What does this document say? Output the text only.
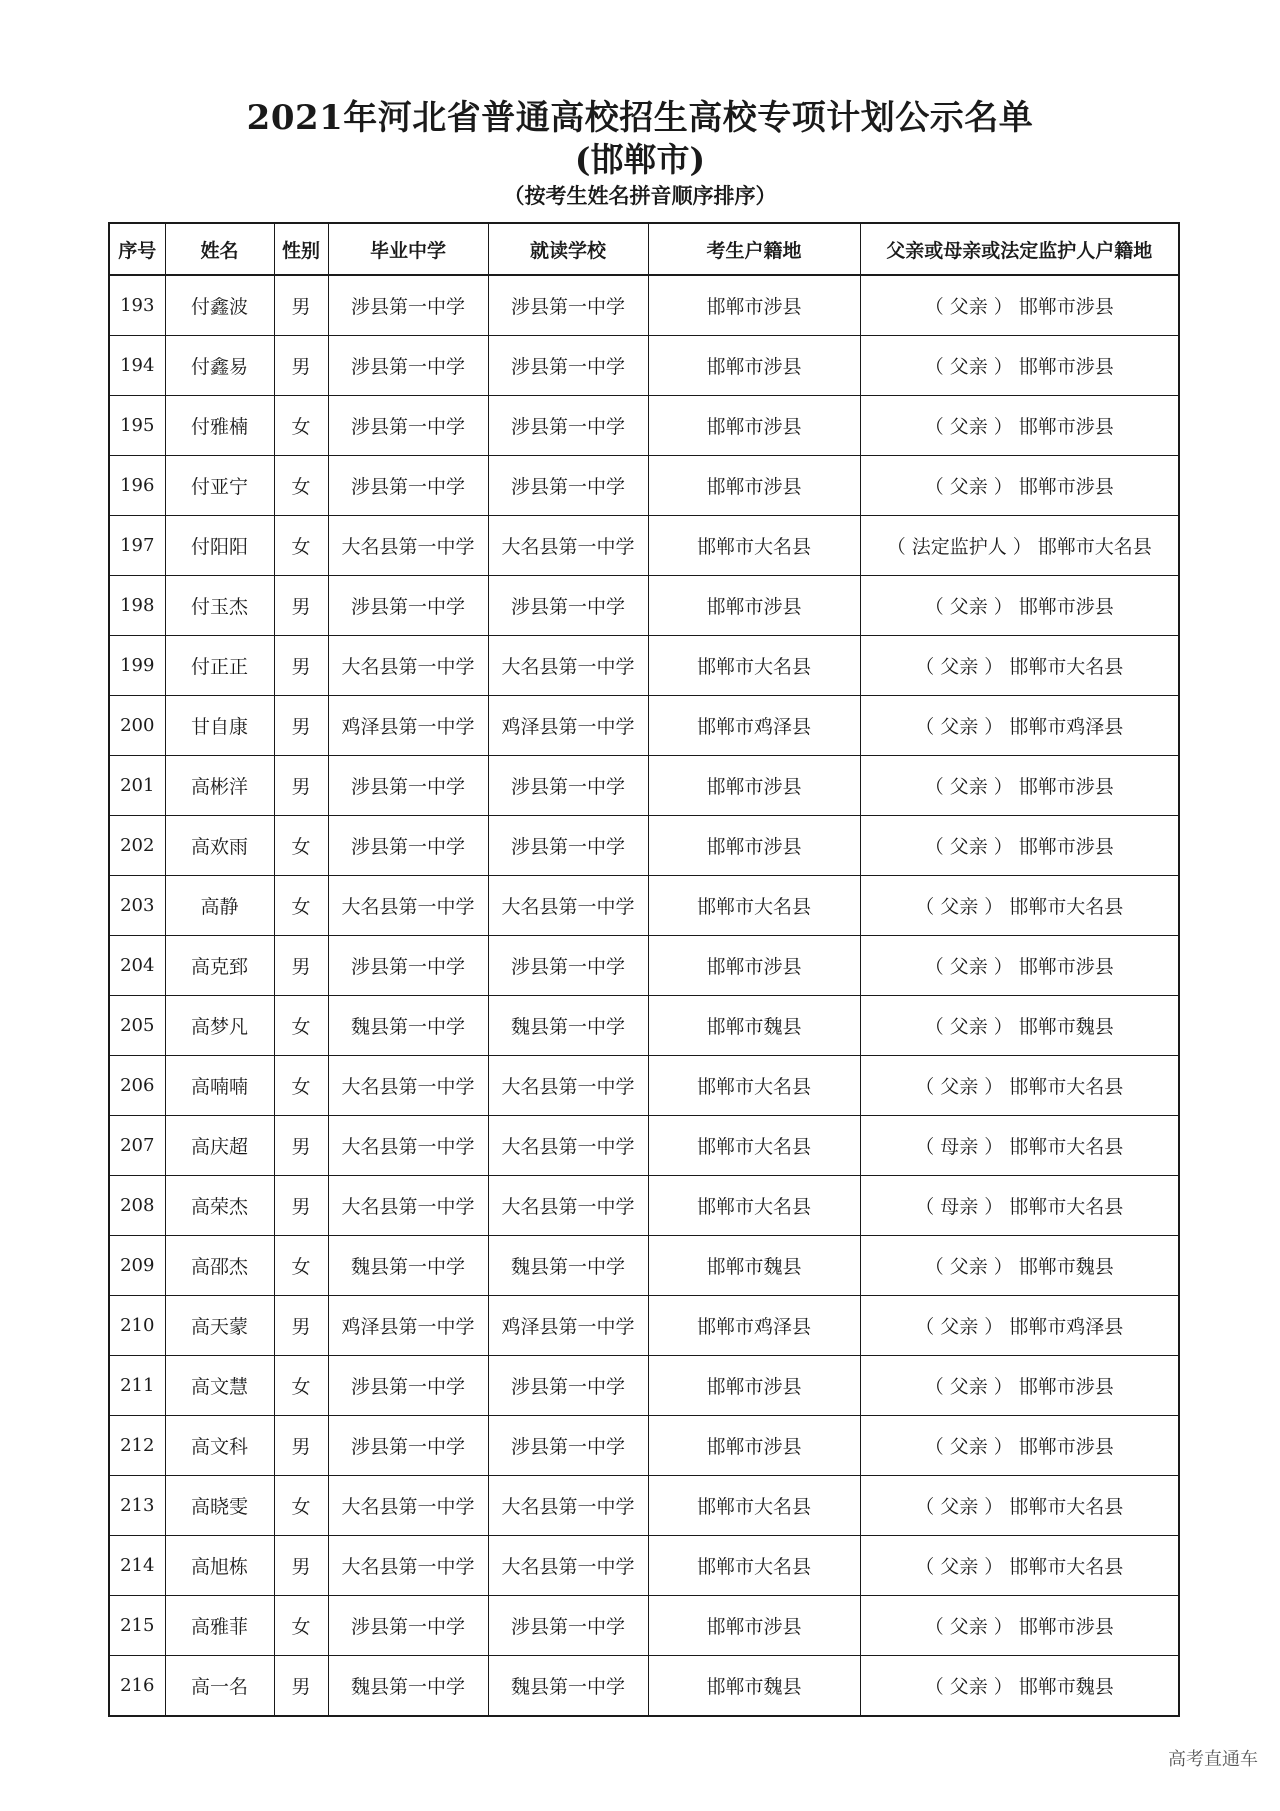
2021年河北省普通高校招生高校专项计划公示名单
(邯郸市)
（按考生姓名拼音顺序排序）
序号	姓名	性别	毕业中学	就读学校	考生户籍地	父亲或母亲或法定监护人户籍地
193	付鑫波	男	涉县第一中学	涉县第一中学	邯郸市涉县	（ 父亲 ） 邯郸市涉县
194	付鑫易	男	涉县第一中学	涉县第一中学	邯郸市涉县	（ 父亲 ） 邯郸市涉县
195	付雅楠	女	涉县第一中学	涉县第一中学	邯郸市涉县	（ 父亲 ） 邯郸市涉县
196	付亚宁	女	涉县第一中学	涉县第一中学	邯郸市涉县	（ 父亲 ） 邯郸市涉县
197	付阳阳	女	大名县第一中学	大名县第一中学	邯郸市大名县	（ 法定监护人 ） 邯郸市大名县
198	付玉杰	男	涉县第一中学	涉县第一中学	邯郸市涉县	（ 父亲 ） 邯郸市涉县
199	付正正	男	大名县第一中学	大名县第一中学	邯郸市大名县	（ 父亲 ） 邯郸市大名县
200	甘自康	男	鸡泽县第一中学	鸡泽县第一中学	邯郸市鸡泽县	（ 父亲 ） 邯郸市鸡泽县
201	高彬洋	男	涉县第一中学	涉县第一中学	邯郸市涉县	（ 父亲 ） 邯郸市涉县
202	高欢雨	女	涉县第一中学	涉县第一中学	邯郸市涉县	（ 父亲 ） 邯郸市涉县
203	高静	女	大名县第一中学	大名县第一中学	邯郸市大名县	（ 父亲 ） 邯郸市大名县
204	高克郅	男	涉县第一中学	涉县第一中学	邯郸市涉县	（ 父亲 ） 邯郸市涉县
205	高梦凡	女	魏县第一中学	魏县第一中学	邯郸市魏县	（ 父亲 ） 邯郸市魏县
206	高喃喃	女	大名县第一中学	大名县第一中学	邯郸市大名县	（ 父亲 ） 邯郸市大名县
207	高庆超	男	大名县第一中学	大名县第一中学	邯郸市大名县	（ 母亲 ） 邯郸市大名县
208	高荣杰	男	大名县第一中学	大名县第一中学	邯郸市大名县	（ 母亲 ） 邯郸市大名县
209	高邵杰	女	魏县第一中学	魏县第一中学	邯郸市魏县	（ 父亲 ） 邯郸市魏县
210	高天蒙	男	鸡泽县第一中学	鸡泽县第一中学	邯郸市鸡泽县	（ 父亲 ） 邯郸市鸡泽县
211	高文慧	女	涉县第一中学	涉县第一中学	邯郸市涉县	（ 父亲 ） 邯郸市涉县
212	高文科	男	涉县第一中学	涉县第一中学	邯郸市涉县	（ 父亲 ） 邯郸市涉县
213	高晓雯	女	大名县第一中学	大名县第一中学	邯郸市大名县	（ 父亲 ） 邯郸市大名县
214	高旭栋	男	大名县第一中学	大名县第一中学	邯郸市大名县	（ 父亲 ） 邯郸市大名县
215	高雅菲	女	涉县第一中学	涉县第一中学	邯郸市涉县	（ 父亲 ） 邯郸市涉县
216	高一名	男	魏县第一中学	魏县第一中学	邯郸市魏县	（ 父亲 ） 邯郸市魏县
高考直通车
